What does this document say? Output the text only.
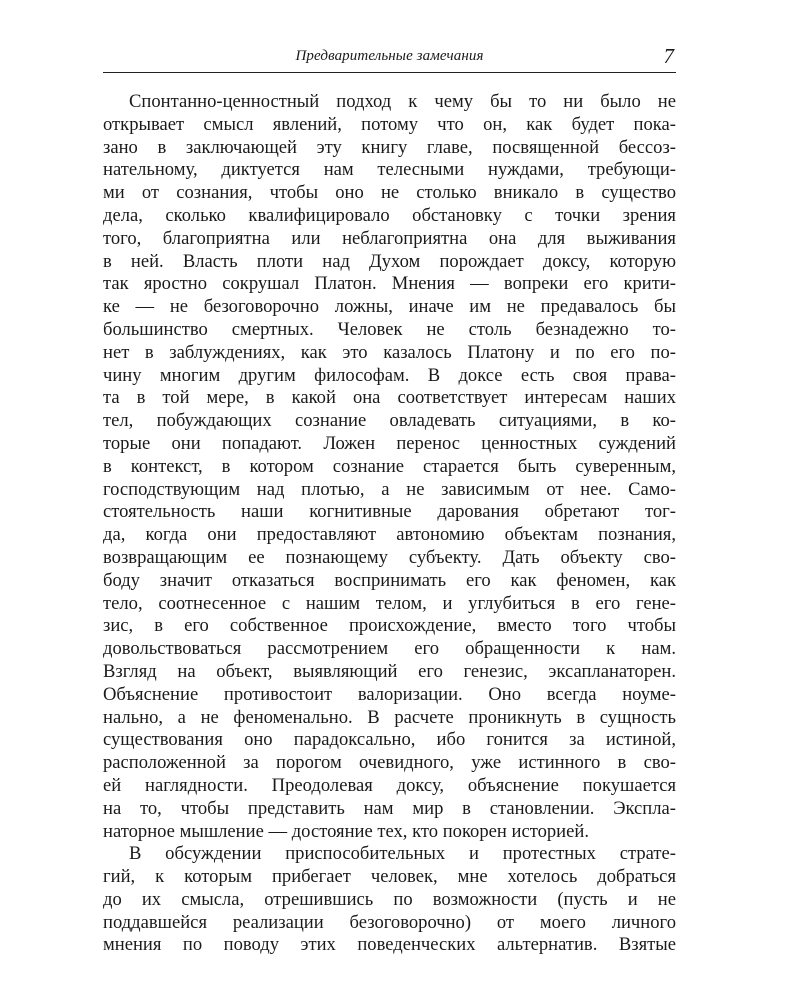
Предварительные замечания	7
Спонтанно-ценностный подход к чему бы то ни было не
открывает смысл явлений, потому что он, как будет пока-
зано в заключающей эту книгу главе, посвященной бессоз-
нательному, диктуется нам телесными нуждами, требующи-
ми от сознания, чтобы оно не столько вникало в существо
дела, сколько квалифицировало обстановку с точки зрения
того, благоприятна или неблагоприятна она для выживания
в ней. Власть плоти над Духом порождает доксу, которую
так яростно сокрушал Платон. Мнения — вопреки его крити-
ке — не безоговорочно ложны, иначе им не предавалось бы
большинство смертных. Человек не столь безнадежно то-
нет в заблуждениях, как это казалось Платону и по его по-
чину многим другим философам. В доксе есть своя права-
та в той мере, в какой она соответствует интересам наших
тел, побуждающих сознание овладевать ситуациями, в ко-
торые они попадают. Ложен перенос ценностных суждений
в контекст, в котором сознание старается быть суверенным,
господствующим над плотью, а не зависимым от нее. Само-
стоятельность наши когнитивные дарования обретают тог-
да, когда они предоставляют автономию объектам познания,
возвращающим ее познающему субъекту. Дать объекту сво-
боду значит отказаться воспринимать его как феномен, как
тело, соотнесенное с нашим телом, и углубиться в его гене-
зис, в его собственное происхождение, вместо того чтобы
довольствоваться рассмотрением его обращенности к нам.
Взгляд на объект, выявляющий его генезис, эксапланаторен.
Объяснение противостоит валоризации. Оно всегда ноуме-
нально, а не феноменально. В расчете проникнуть в сущность
существования оно парадоксально, ибо гонится за истиной,
расположенной за порогом очевидного, уже истинного в сво-
ей наглядности. Преодолевая доксу, объяснение покушается
на то, чтобы представить нам мир в становлении. Экспла-
наторное мышление — достояние тех, кто покорен историей.
В обсуждении приспособительных и протестных страте-
гий, к которым прибегает человек, мне хотелось добраться
до их смысла, отрешившись по возможности (пусть и не
поддавшейся реализации безоговорочно) от моего личного
мнения по поводу этих поведенческих альтернатив. Взятые
